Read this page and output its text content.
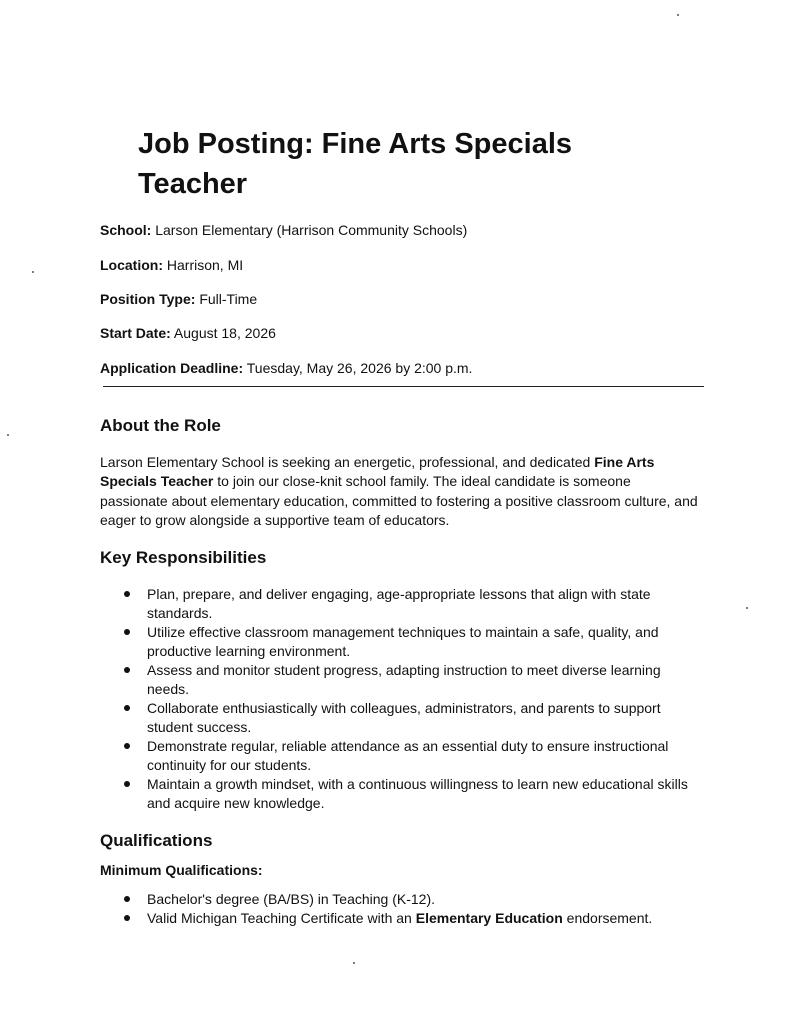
Job Posting: Fine Arts Specials Teacher

School: Larson Elementary (Harrison Community Schools)

Location: Harrison, MI

Position Type: Full-Time

Start Date: August 18, 2026

Application Deadline: Tuesday, May 26, 2026 by 2:00 p.m.

About the Role

Larson Elementary School is seeking an energetic, professional, and dedicated Fine Arts Specials Teacher to join our close-knit school family. The ideal candidate is someone passionate about elementary education, committed to fostering a positive classroom culture, and eager to grow alongside a supportive team of educators.

Key Responsibilities
Plan, prepare, and deliver engaging, age-appropriate lessons that align with state standards.
Utilize effective classroom management techniques to maintain a safe, quality, and productive learning environment.
Assess and monitor student progress, adapting instruction to meet diverse learning needs.
Collaborate enthusiastically with colleagues, administrators, and parents to support student success.
Demonstrate regular, reliable attendance as an essential duty to ensure instructional continuity for our students.
Maintain a growth mindset, with a continuous willingness to learn new educational skills and acquire new knowledge.
Qualifications
Minimum Qualifications:
Bachelor's degree (BA/BS) in Teaching (K-12).
Valid Michigan Teaching Certificate with an Elementary Education endorsement.
